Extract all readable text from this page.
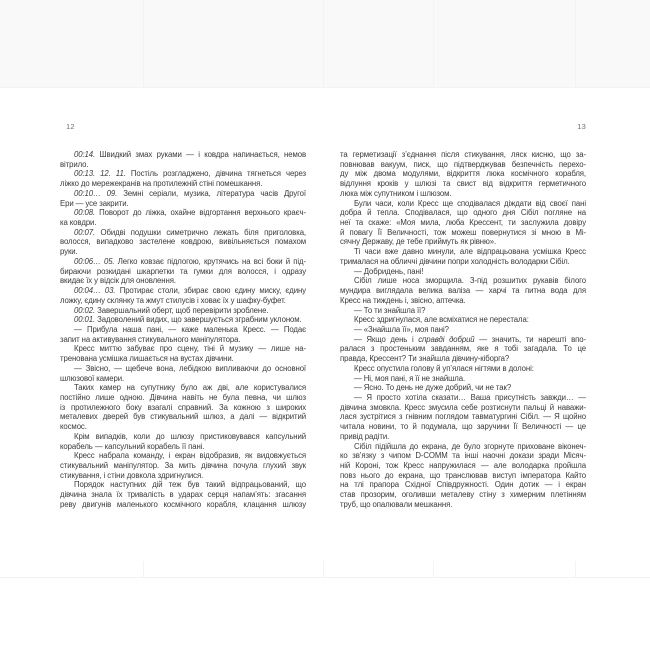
12	13
00:14. Швидкий змах руками — і ковдра напинається, немов
вітрило.
00:13. 12. 11. Постіль розгладжено, дівчина тягнеться через
ліжко до мережекранів на протилежній стіні помешкання.
00:10… 09. Земні серіали, музика, література часів Другої
Ери — усе закрити.
00:08. Поворот до ліжка, охайне відгортання верхнього краєч-
ка ковдри.
00:07. Обидві подушки симетрично лежать біля приголовка,
волосся, випадково застелене ковдрою, вивільняється помахом
руки.
00:06… 05. Легко ковзає підлогою, крутячись на всі боки й під-
бираючи розкидані шкарпетки та гумки для волосся, і одразу
вкидає їх у відсік для оновлення.
00:04… 03. Протирає столи, збирає свою єдину миску, єдину
ложку, єдину склянку та жмут стилусів і ховає їх у шафку-буфет.
00:02. Завершальний оберт, щоб перевірити зроблене.
00:01. Задоволений видих, що завершується зграбним уклоном.
— Прибула наша пані, — каже маленька Кресс. — Подає
запит на активування стикувального маніпулятора.
Кресс миттю забуває про сцену, тіні й музику — лише на-
тренована усмішка лишається на вустах дівчини.
— Звісно, — щебече вона, лебідкою випливаючи до основної
шлюзової камери.
Таких камер на супутнику було аж дві, але користувалися
постійно лише одною. Дівчина навіть не була певна, чи шлюз
із протилежного боку взагалі справний. За кожною з широких
металевих дверей був стикувальний шлюз, а далі — відкритий
космос.
Крім випадків, коли до шлюзу пристиковувався капсульний
корабель — капсульний корабель її пані.
Кресс набрала команду, і екран відобразив, як видовжується
стикувальний маніпулятор. За мить дівчина почула глухий звук
стикування, і стіни довкола здригнулися.
Порядок наступних дій теж був такий відпрацьований, що
дівчина знала їх тривалість в ударах серця напам’ять: згасання
реву двигунів маленького космічного корабля, клацання шлюзу
та герметизації з’єднання після стикування, ляск кисню, що за-
повнював вакуум, писк, що підтверджував безпечність перехо-
ду між двома модулями, відкриття люка космічного корабля,
відлуння кроків у шлюзі та свист від відкриття герметичного
люка між супутником і шлюзом.
Були часи, коли Кресс ще сподівалася діждати від своєї пані
добра й тепла. Сподівалася, що одного дня Сібіл погляне на
неї та скаже: «Моя мила, люба Крессент, ти заслужила довіру
й повагу Її Величності, тож можеш повернутися зі мною в Мі-
сячну Державу, де тебе приймуть як рівню».
Ті часи вже давно минули, але відпрацьована усмішка Кресс
трималася на обличчі дівчини попри холодність володарки Сібіл.
— Добридень, пані!
Сібіл лише носа зморщила. З-під розшитих рукавів білого
мундира виглядала велика валіза — харчі та питна вода для
Кресс на тиждень і, звісно, аптечка.
— То ти знайшла її?
Кресс здригнулася, але всміхатися не перестала:
— «Знайшла її», моя пані?
— Якщо день і справді добрий — значить, ти нарешті впо-
ралася з простеньким завданням, яке я тобі загадала. То це
правда, Крессент? Ти знайшла дівчину-кіборга?
Кресс опустила голову й уп’ялася нігтями в долоні:
— Ні, моя пані, я її не знайшла.
— Ясно. То день не дуже добрий, чи не так?
— Я просто хотіла сказати… Ваша присутність завжди… —
дівчина змовкла. Кресс змусила себе розтиснути пальці й наважи-
лася зустрітися з гнівним поглядом тавматургині Сібіл. — Я щойно
читала новини, то й подумала, що заручини Її Величності — це
привід радіти.
Сібіл підійшла до екрана, де було згорнуте приховане віконеч-
ко зв’язку з чипом D-COMM та інші наочні докази зради Місяч-
ній Короні, тож Кресс напружилася — але володарка пройшла
повз нього до екрана, що транслював виступ імператора Кайто
на тлі прапора Східної Співдружності. Один дотик — і екран
став прозорим, оголивши металеву стіну з химерним плетінням
труб, що опалювали мешкання.
